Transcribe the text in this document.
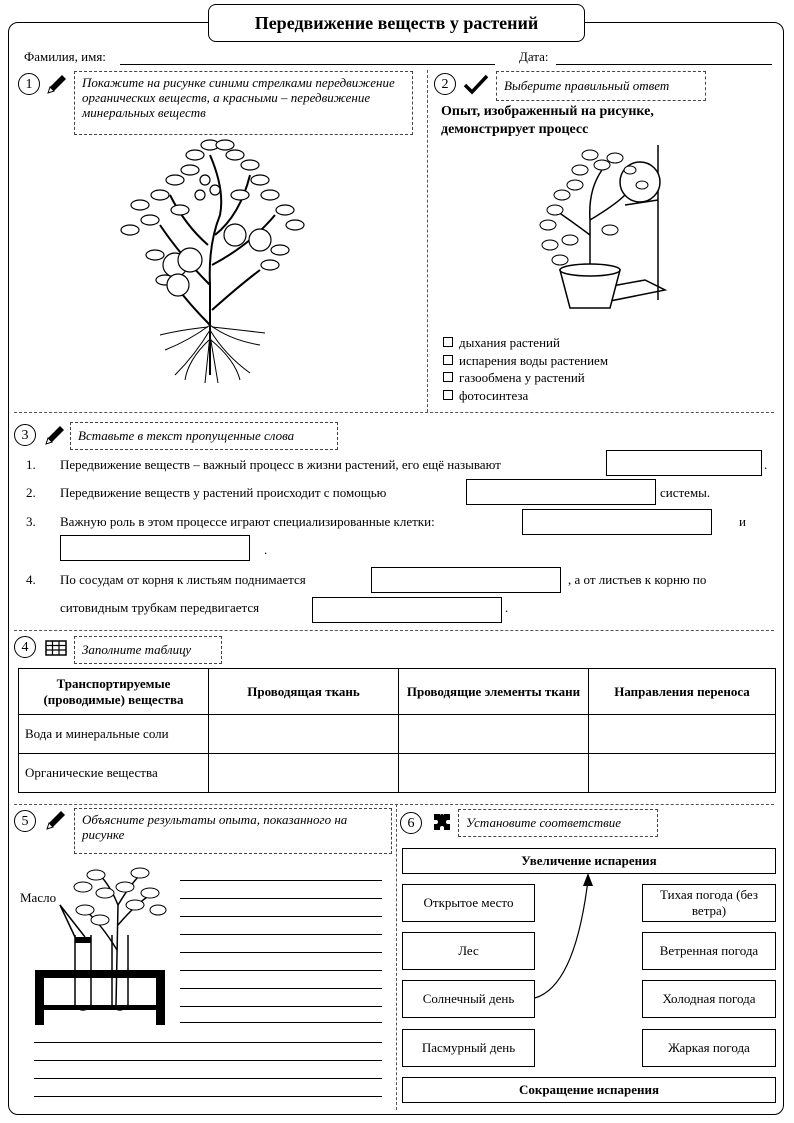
Передвижение веществ у растений
Фамилия, имя:	Дата:
1	Покажите на рисунке синими стрелками передвижение органических веществ, а красными – передвижение минеральных веществ
2	Выберите правильный ответ
Опыт, изображенный на рисунке, демонстрирует процесс
дыхания растений
испарения воды растением
газообмена у растений
фотосинтеза
3	Вставьте в текст пропущенные слова
1. Передвижение веществ – важный процесс в жизни растений, его ещё называют	.
2. Передвижение веществ у растений происходит с помощью	системы.
3. Важную роль в этом процессе играют специализированные клетки:	и
.
4. По сосудам от корня к листьям поднимается	, а от листьев к корню по
ситовидным трубкам передвигается	.
4	Заполните таблицу
Транспортируемые (проводимые) вещества	Проводящая ткань	Проводящие элементы ткани	Направления переноса
Вода и минеральные соли			
Органические вещества			
5	Объясните результаты опыта, показанного на рисунке
Масло
6	Установите соответствие
Увеличение испарения
Открытое место
Лес
Солнечный день
Пасмурный день
Тихая погода (без ветра)
Ветренная погода
Холодная погода
Жаркая погода
Сокращение испарения
